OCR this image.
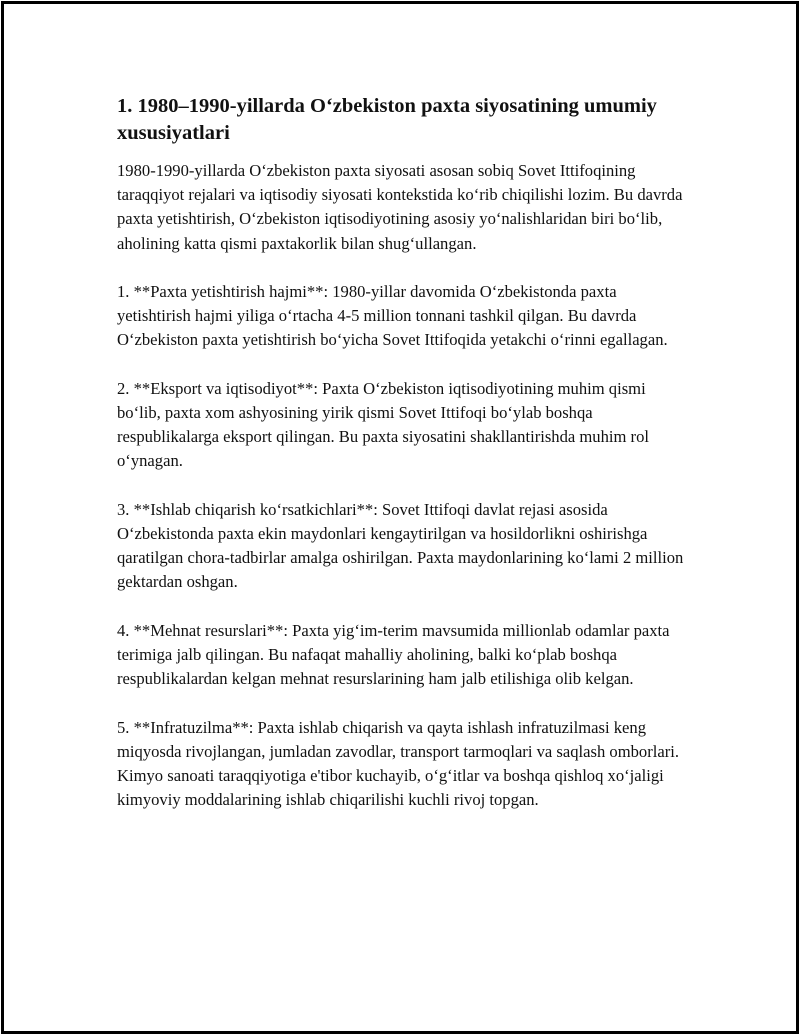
1. 1980–1990-yillarda O‘zbekiston paxta siyosatining umumiy xususiyatlari

1980-1990-yillarda O‘zbekiston paxta siyosati asosan sobiq Sovet Ittifoqining taraqqiyot rejalari va iqtisodiy siyosati kontekstida ko‘rib chiqilishi lozim. Bu davrda paxta yetishtirish, O‘zbekiston iqtisodiyotining asosiy yo‘nalishlaridan biri bo‘lib, aholining katta qismi paxtakorlik bilan shug‘ullangan.

1. **Paxta yetishtirish hajmi**: 1980-yillar davomida O‘zbekistonda paxta yetishtirish hajmi yiliga o‘rtacha 4-5 million tonnani tashkil qilgan. Bu davrda O‘zbekiston paxta yetishtirish bo‘yicha Sovet Ittifoqida yetakchi o‘rinni egallagan.

2. **Eksport va iqtisodiyot**: Paxta O‘zbekiston iqtisodiyotining muhim qismi bo‘lib, paxta xom ashyosining yirik qismi Sovet Ittifoqi bo‘ylab boshqa respublikalarga eksport qilingan. Bu paxta siyosatini shakllantirishda muhim rol o‘ynagan.

3. **Ishlab chiqarish ko‘rsatkichlari**: Sovet Ittifoqi davlat rejasi asosida O‘zbekistonda paxta ekin maydonlari kengaytirilgan va hosildorlikni oshirishga qaratilgan chora-tadbirlar amalga oshirilgan. Paxta maydonlarining ko‘lami 2 million gektardan oshgan.

4. **Mehnat resurslari**: Paxta yig‘im-terim mavsumida millionlab odamlar paxta terimiga jalb qilingan. Bu nafaqat mahalliy aholining, balki ko‘plab boshqa respublikalardan kelgan mehnat resurslarining ham jalb etilishiga olib kelgan.

5. **Infratuzilma**: Paxta ishlab chiqarish va qayta ishlash infratuzilmasi keng miqyosda rivojlangan, jumladan zavodlar, transport tarmoqlari va saqlash omborlari. Kimyo sanoati taraqqiyotiga e'tibor kuchayib, o‘g‘itlar va boshqa qishloq xo‘jaligi kimyoviy moddalarining ishlab chiqarilishi kuchli rivoj topgan.
